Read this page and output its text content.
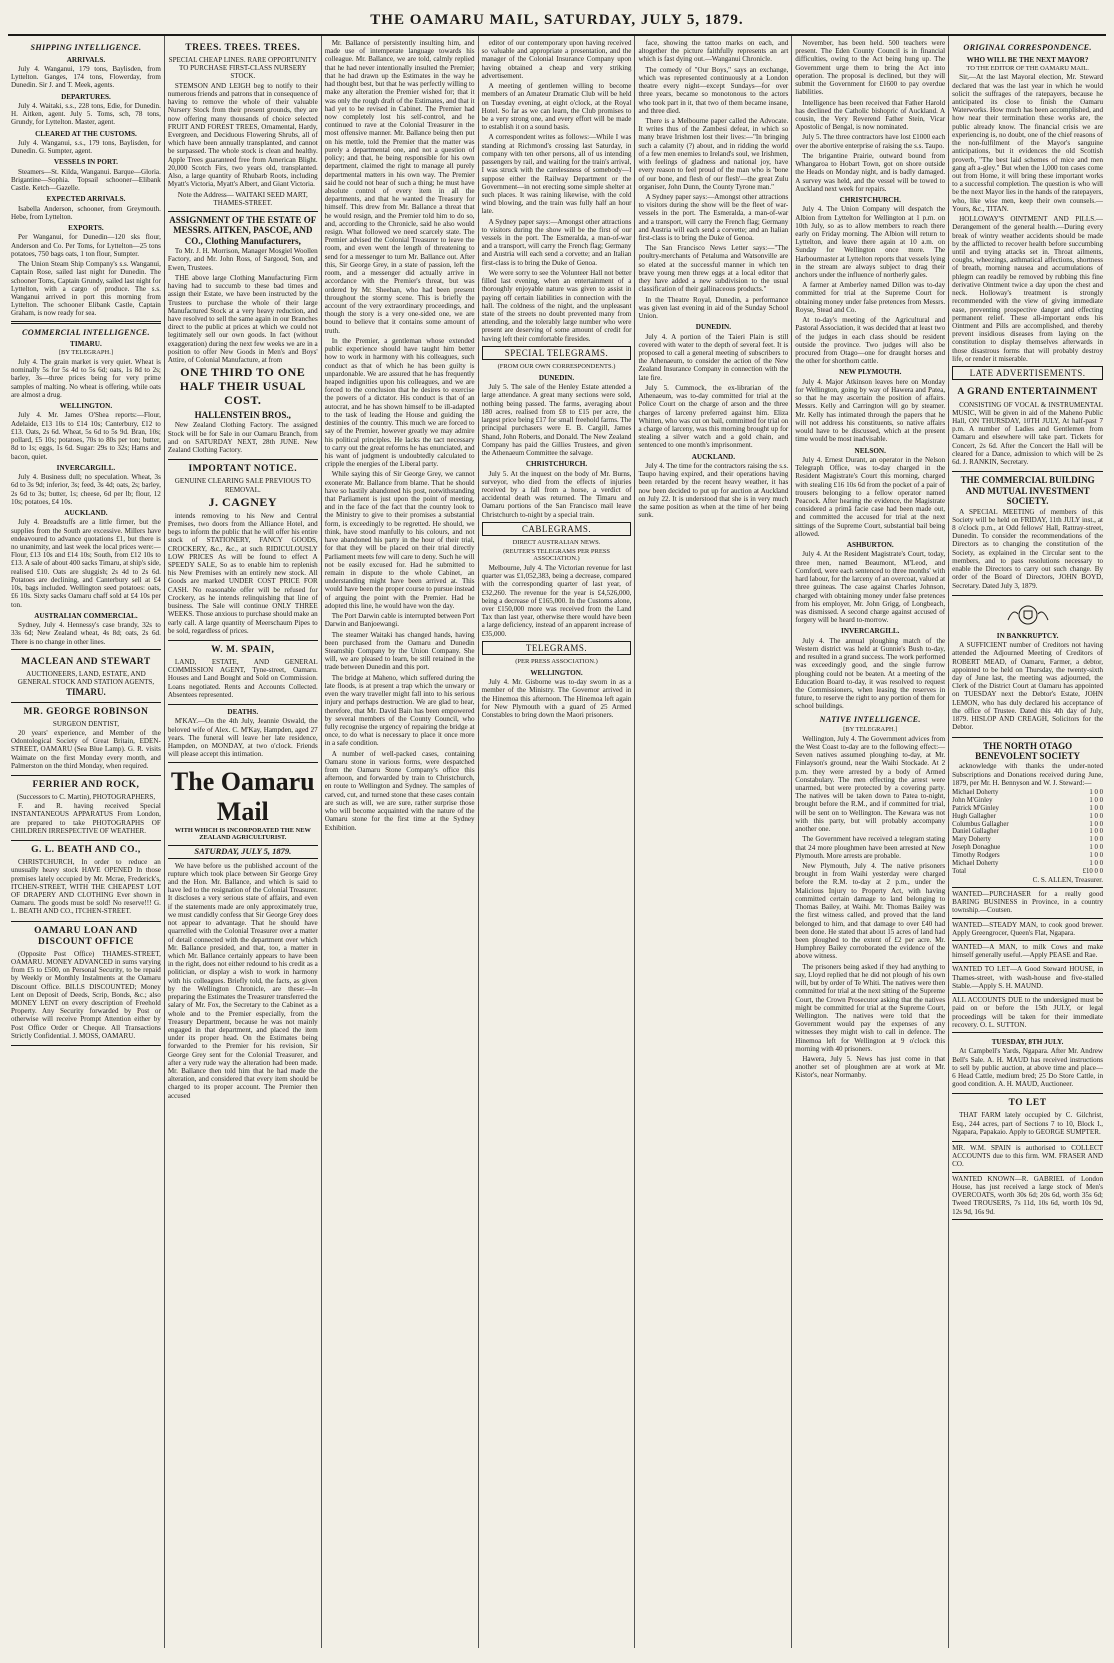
THE OAMARU MAIL, SATURDAY, JULY 5, 1879.
SHIPPING INTELLIGENCE.
ARRIVALS.

July 4. Wanganui, 179 tons, Baylisden, from Lyttelton. Ganges, 174 tons, Flowerday, from Dunedin. Sir J. and T. Meek, agents.

DEPARTURES.

July 4. Waitaki, s.s., 228 tons, Edie, for Dunedin. H. Aitken, agent. July 5. Toms, sch, 78 tons, Grundy, for Lyttelton. Master, agent.

CLEARED AT THE CUSTOMS.

July 4. Wanganui, s.s., 179 tons, Baylisden, for Dunedin. G. Sumpter, agent.

VESSELS IN PORT.

Steamers—St. Kilda, Wanganui. Barque—Gloria. Brigantine—Sophia. Topsail schooner—Elibank Castle. Ketch—Gazelle.

EXPECTED ARRIVALS.

Isabella Anderson, schooner, from Greymouth. Hebe, from Lyttelton.

EXPORTS.

Per Wanganui, for Dunedin—120 sks flour, Anderson and Co. Per Toms, for Lyttelton—25 tons potatoes, 750 bags oats, 1 ton flour, Sumpter.

The Union Steam Ship Company's s.s. Wanganui, Captain Rose, sailed last night for Dunedin. The schooner Toms, Captain Grundy, sailed last night for Lyttelton, with a cargo of produce. The s.s. Wanganui arrived in port this morning from Lyttelton. The schooner Elibank Castle, Captain Graham, is now ready for sea.

COMMERCIAL INTELLIGENCE.
TIMARU.
[BY TELEGRAPH.]

July 4. The grain market is very quiet. Wheat is nominally 5s for 5s 4d to 5s 6d; oats, 1s 8d to 2s; barley, 3s—three prices being for very prime samples of malting. No wheat is offering, while oats are almost a drug.

WELLINGTON.

July 4. Mr. James O'Shea reports:—Flour, Adelaide, £13 10s to £14 10s; Canterbury, £12 to £13. Oats, 2s 6d. Wheat, 5s 6d to 5s 9d. Bran, 10s; pollard, £5 10s; potatoes, 70s to 80s per ton; butter, 8d to 1s; eggs, 1s 6d. Sugar: 29s to 32s; Hams and bacon, quiet.

INVERCARGILL.

July 4. Business dull; no speculation. Wheat, 3s 6d to 3s 9d; inferior, 3s; feed, 3s 4d; oats, 2s; barley, 2s 6d to 3s; butter, 1s; cheese, 6d per lb; flour, 12 10s; potatoes, £4 10s.

AUCKLAND.

July 4. Breadstuffs are a little firmer, but the supplies from the South are excessive. Millers have endeavoured to advance quotations £1, but there is no unanimity, and last week the local prices were:—Flour, £13 10s and £14 10s; South, from £12 10s to £13. A sale of about 400 sacks Timaru, at ship's side, realised £10. Oats are sluggish; 2s 4d to 2s 6d. Potatoes are declining, and Canterbury sell at £4 10s, bags included. Wellington seed potatoes: oats, £6 10s. Sixty sacks Oamaru chaff sold at £4 10s per ton.

AUSTRALIAN COMMERCIAL.

Sydney, July 4. Hennessy's case brandy, 32s to 33s 6d; New Zealand wheat, 4s 8d; oats, 2s 6d. There is no change in other lines.

MACLEAN AND STEWART
AUCTIONEERS, LAND, ESTATE, AND GENERAL STOCK AND STATION AGENTS,
TIMARU.
MR. GEORGE ROBINSON
SURGEON DENTIST,

20 years' experience, and Member of the Odontological Society of Great Britain, EDEN-STREET, OAMARU (Sea Blue Lamp). G. R. visits Waimate on the first Monday every month, and Palmerston on the third Monday, when required.

FERRIER AND ROCK,
(Successors to C. Martin), PHOTOGRAPHERS,

F. and R. having received Special INSTANTANEOUS APPARATUS From London, are prepared to take PHOTOGRAPHS OF CHILDREN IRRESPECTIVE OF WEATHER.

G. L. BEATH AND CO.,

CHRISTCHURCH, In order to reduce an unusually heavy stock HAVE OPENED In those premises lately occupied by Mr. Mcrae, Frederick's, ITCHEN-STREET, WITH THE CHEAPEST LOT OF DRAPERY AND CLOTHING Ever shown in Oamaru. The goods must be sold! No reserve!!! G. L. BEATH AND CO., ITCHEN-STREET.

OAMARU LOAN AND DISCOUNT OFFICE

(Opposite Post Office) THAMES-STREET, OAMARU. MONEY ADVANCED in sums varying from £5 to £500, on Personal Security, to be repaid by Weekly or Monthly Instalments at the Oamaru Discount Office. BILLS DISCOUNTED; Money Lent on Deposit of Deeds, Scrip, Bonds, &c.; also MONEY LENT on every description of Freehold Property. Any Security forwarded by Post or otherwise will receive Prompt Attention either by Post Office Order or Cheque. All Transactions Strictly Confidential. J. MOSS, OAMARU.

TREES. TREES. TREES.
SPECIAL CHEAP LINES. RARE OPPORTUNITY TO PURCHASE FIRST-CLASS NURSERY STOCK.

STEMSON AND LEIGH beg to notify to their numerous friends and patrons that in consequence of having to remove the whole of their valuable Nursery Stock from their present grounds, they are now offering many thousands of choice selected FRUIT AND FOREST TREES, Ornamental, Hardy, Evergreen, and Deciduous Flowering Shrubs, all of which have been annually transplanted, and cannot be surpassed. The whole stock is clean and healthy. Apple Trees guaranteed free from American Blight. 20,000 Scotch Firs, two years old, transplanted. Also, a large quantity of Rhubarb Roots, including Myatt's Victoria, Myatt's Albert, and Giant Victoria.

Note the Address— WAITAKI SEED MART, THAMES-STREET.
ASSIGNMENT OF THE ESTATE OF MESSRS. AITKEN, PASCOE, AND CO., Clothing Manufacturers,

To Mr. J. H. Morrison, Manager Mosgiel Woollen Factory, and Mr. John Ross, of Sargood, Son, and Ewen, Trustees.

THE above large Clothing Manufacturing Firm having had to succumb to these bad times and assign their Estate, we have been instructed by the Trustees to purchase the whole of their large Manufactured Stock at a very heavy reduction, and have resolved to sell the same again in our Branches direct to the public at prices at which we could not legitimately sell our own goods. In fact (without exaggeration) during the next few weeks we are in a position to offer New Goods in Men's and Boys' Attire, of Colonial Manufacture, at from

ONE THIRD TO ONE HALF THEIR USUAL COST.
HALLENSTEIN BROS.,

New Zealand Clothing Factory. The assigned Stock will be for Sale in our Oamaru Branch, from and on SATURDAY NEXT, 28th JUNE. New Zealand Clothing Factory.

IMPORTANT NOTICE.
GENUINE CLEARING SALE PREVIOUS TO REMOVAL.
J. CAGNEY

intends removing to his New and Central Premises, two doors from the Alliance Hotel, and begs to inform the public that he will offer his entire stock of STATIONERY, FANCY GOODS, CROCKERY, &c., &c., at such RIDICULOUSLY LOW PRICES As will be found to effect A SPEEDY SALE, So as to enable him to replenish his New Premises with an entirely new stock. All Goods are marked UNDER COST PRICE FOR CASH. No reasonable offer will be refused for Crockery, as he intends relinquishing that line of business. The Sale will continue ONLY THREE WEEKS. Those anxious to purchase should make an early call. A large quantity of Meerschaum Pipes to be sold, regardless of prices.

W. M. SPAIN,

LAND, ESTATE, AND GENERAL COMMISSION AGENT, Tyne-street, Oamaru. Houses and Land Bought and Sold on Commission. Loans negotiated. Rents and Accounts Collected. Absentees represented.

DEATHS.

M'KAY.—On the 4th July, Jeannie Oswald, the beloved wife of Alex. C. M'Kay, Hampden, aged 27 years. The funeral will leave her late residence, Hampden, on MONDAY, at two o'clock. Friends will please accept this intimation.

The Oamaru Mail
WITH WHICH IS INCORPORATED THE NEW ZEALAND AGRICULTURIST.
SATURDAY, JULY 5, 1879.

We have before us the published account of the rupture which took place between Sir George Grey and the Hon. Mr. Ballance, and which is said to have led to the resignation of the Colonial Treasurer. It discloses a very serious state of affairs, and even if the statements made are only approximately true, we must candidly confess that Sir George Grey does not appear to advantage. That he should have quarrelled with the Colonial Treasurer over a matter of detail connected with the department over which Mr. Ballance presided, and that, too, a matter in which Mr. Ballance certainly appears to have been in the right, does not either redound to his credit as a politician, or display a wish to work in harmony with his colleagues. Briefly told, the facts, as given by the Wellington Chronicle, are these:—In preparing the Estimates the Treasurer transferred the salary of Mr. Fox, the Secretary to the Cabinet as a whole and to the Premier especially, from the Treasury Department, because he was not mainly engaged in that department, and placed the item under its proper head. On the Estimates being forwarded to the Premier for his revision, Sir George Grey sent for the Colonial Treasurer, and after a very rude way the alteration had been made. Mr. Ballance then told him that he had made the alteration, and considered that every item should be charged to its proper account. The Premier then accused

Mr. Ballance of persistently insulting him, and made use of intemperate language towards his colleague. Mr. Ballance, we are told, calmly replied that he had never intentionally insulted the Premier; that he had drawn up the Estimates in the way he had thought best, but that he was perfectly willing to make any alteration the Premier wished for; that it was only the rough draft of the Estimates, and that it had yet to be revised in Cabinet. The Premier had now completely lost his self-control, and he continued to rave at the Colonial Treasurer in the most offensive manner. Mr. Ballance being then put on his mettle, told the Premier that the matter was purely a departmental one, and not a question of policy; and that, he being responsible for his own department, claimed the right to manage all purely departmental matters in his own way. The Premier said he could not hear of such a thing; he must have absolute control of every item in all the departments, and that he wanted the Treasury for himself. This drew from Mr. Ballance a threat that he would resign, and the Premier told him to do so, and, according to the Chronicle, said he also would resign. What followed we need scarcely state. The Premier advised the Colonial Treasurer to leave the room, and even went the length of threatening to send for a messenger to turn Mr. Ballance out. After this, Sir George Grey, in a state of passion, left the room, and a messenger did actually arrive in accordance with the Premier's threat, but was ordered by Mr. Sheehan, who had been present throughout the stormy scene. This is briefly the account of the very extraordinary proceedings, and though the story is a very one-sided one, we are bound to believe that it contains some amount of truth.

In the Premier, a gentleman whose extended public experience should have taught him better how to work in harmony with his colleagues, such conduct as that of which he has been guilty is unpardonable. We are assured that he has frequently heaped indignities upon his colleagues, and we are forced to the conclusion that he desires to exercise the powers of a dictator. His conduct is that of an autocrat, and he has shown himself to be ill-adapted to the task of leading the House and guiding the destinies of the country. This much we are forced to say of the Premier, however greatly we may admire his political principles. He lacks the tact necessary to carry out the great reforms he has enunciated, and his want of judgment is undoubtedly calculated to cripple the energies of the Liberal party.

While saying this of Sir George Grey, we cannot exonerate Mr. Ballance from blame. That he should have so hastily abandoned his post, notwithstanding that Parliament is just upon the point of meeting, and in the face of the fact that the country look to the Ministry to give to their promises a substantial form, is exceedingly to be regretted. He should, we think, have stood manfully to his colours, and not have abandoned his party in the hour of their trial, for that they will be placed on their trial directly Parliament meets few will care to deny. Such he will not be easily excused for. Had he submitted to remain in dispute to the whole Cabinet, an understanding might have been arrived at. This would have been the proper course to pursue instead of arguing the point with the Premier. Had he adopted this line, he would have won the day.

The Port Darwin cable is interrupted between Port Darwin and Banjoewangi.

The steamer Waitaki has changed hands, having been purchased from the Oamaru and Dunedin Steamship Company by the Union Company. She will, we are pleased to learn, be still retained in the trade between Dunedin and this port.

The bridge at Maheno, which suffered during the late floods, is at present a trap which the unwary or even the wary traveller might fall into to his serious injury and perhaps destruction. We are glad to hear, therefore, that Mr. David Bain has been empowered by several members of the County Council, who fully recognise the urgency of repairing the bridge at once, to do what is necessary to place it once more in a safe condition.

A number of well-packed cases, containing Oamaru stone in various forms, were despatched from the Oamaru Stone Company's office this afternoon, and forwarded by train to Christchurch, en route to Wellington and Sydney. The samples of carved, cut, and turned stone that these cases contain are such as will, we are sure, rather surprise those who will become acquainted with the nature of the Oamaru stone for the first time at the Sydney Exhibition.

editor of our contemporary upon having received so valuable and appropriate a presentation, and the manager of the Colonial Insurance Company upon having obtained a cheap and very striking advertisement.

A meeting of gentlemen willing to become members of an Amateur Dramatic Club will be held on Tuesday evening, at eight o'clock, at the Royal Hotel. So far as we can learn, the Club promises to be a very strong one, and every effort will be made to establish it on a sound basis.

A correspondent writes as follows:—While I was standing at Richmond's crossing last Saturday, in company with ten other persons, all of us intending passengers by rail, and waiting for the train's arrival, I was struck with the carelessness of somebody—I suppose either the Railway Department or the Government—in not erecting some simple shelter at such places. It was raining likewise, with the cold wind blowing, and the train was fully half an hour late.

A Sydney paper says:—Amongst other attractions to visitors during the show will be the first of our vessels in the port. The Esmeralda, a man-of-war and a transport, will carry the French flag; Germany and Austria will each send a corvette; and an Italian first-class is to bring the Duke of Genoa.

We were sorry to see the Volunteer Hall not better filled last evening, when an entertainment of a thoroughly enjoyable nature was given to assist in paying off certain liabilities in connection with the hall. The coldness of the night, and the unpleasant state of the streets no doubt prevented many from attending, and the tolerably large number who were present are deserving of some amount of credit for having left their comfortable firesides.

SPECIAL TELEGRAMS.
(FROM OUR OWN CORRESPONDENTS.)
DUNEDIN.

July 5. The sale of the Henley Estate attended a large attendance. A great many sections were sold, nothing being passed. The farms, averaging about 180 acres, realised from £8 to £15 per acre, the largest price being £17 for small freehold farms. The principal purchasers were E. B. Cargill, James Shand, John Roberts, and Donald. The New Zealand Company has paid the Gillies Trustees, and given the Athenaeum Committee the salvage.

CHRISTCHURCH.

July 5. At the inquest on the body of Mr. Burns, surveyor, who died from the effects of injuries received by a fall from a horse, a verdict of accidental death was returned. The Timaru and Oamaru portions of the San Francisco mail leave Christchurch to-night by a special train.

CABLEGRAMS.
DIRECT AUSTRALIAN NEWS.
(REUTER'S TELEGRAMS PER PRESS ASSOCIATION.)

Melbourne, July 4. The Victorian revenue for last quarter was £1,052,383, being a decrease, compared with the corresponding quarter of last year, of £32,260. The revenue for the year is £4,526,000, being a decrease of £165,000. In the Customs alone, over £150,000 more was received from the Land Tax than last year, otherwise there would have been a large deficiency, instead of an apparent increase of £35,000.

TELEGRAMS.
(PER PRESS ASSOCIATION.)
WELLINGTON.

July 4. Mr. Gisborne was to-day sworn in as a member of the Ministry. The Governor arrived in the Hinemoa this afternoon. The Hinemoa left again for New Plymouth with a guard of 25 Armed Constables to bring down the Maori prisoners.

face, showing the tattoo marks on each, and altogether the picture faithfully represents an art which is fast dying out.—Wanganui Chronicle.

The comedy of "Our Boys," says an exchange, which was represented continuously at a London theatre every night—except Sundays—for over three years, became so monotonous to the actors who took part in it, that two of them became insane, and three died.

There is a Melbourne paper called the Advocate. It writes thus of the Zambesi defeat, in which so many brave Irishmen lost their lives:—"In bringing such a calamity (?) about, and in ridding the world of a few men enemies to Ireland's soul, we Irishmen, with feelings of gladness and national joy, have every reason to feel proud of the man who is 'bone of our bone, and flesh of our flesh'—the great Zulu organiser, John Dunn, the County Tyrone man."

A Sydney paper says:—Amongst other attractions to visitors during the show will be the fleet of war-vessels in the port. The Esmeralda, a man-of-war and a transport, will carry the French flag; Germany and Austria will each send a corvette; and an Italian first-class is to bring the Duke of Genoa.

The San Francisco News Letter says:—"The poultry-merchants of Petaluma and Watsonville are so elated at the successful manner in which ten brave young men threw eggs at a local editor that they have added a new subdivision to the usual classification of their gallinaceous products."

In the Theatre Royal, Dunedin, a performance was given last evening in aid of the Sunday School Union.

DUNEDIN.

July 4. A portion of the Taieri Plain is still covered with water to the depth of several feet. It is proposed to call a general meeting of subscribers to the Athenaeum, to consider the action of the New Zealand Insurance Company in connection with the late fire.

July 5. Cummock, the ex-librarian of the Athenaeum, was to-day committed for trial at the Police Court on the charge of arson and the three charges of larceny preferred against him. Eliza Whitten, who was cut on bail, committed for trial on a charge of larceny, was this morning brought up for stealing a silver watch and a gold chain, and sentenced to one month's imprisonment.

AUCKLAND.

July 4. The time for the contractors raising the s.s. Taupo having expired, and their operations having been retarded by the recent heavy weather, it has now been decided to put up for auction at Auckland on July 22. It is understood that she is in very much the same position as when at the time of her being sunk.

November, has been held. 500 teachers were present. The Eden County Council is in financial difficulties, owing to the Act being hung up. The Government urge them to bring the Act into operation. The proposal is declined, but they will submit the Government for £1600 to pay overdue liabilities.

Intelligence has been received that Father Harold has declined the Catholic bishopric of Auckland. A cousin, the Very Reverend Father Stein, Vicar Apostolic of Bengal, is now nominated.

July 5. The three contractors have lost £1000 each over the abortive enterprise of raising the s.s. Taupo.

The brigantine Prairie, outward bound from Whangaroa to Hobart Town, got on shore outside the Heads on Monday night, and is badly damaged. A survey was held, and the vessel will be towed to Auckland next week for repairs.

CHRISTCHURCH.

July 4. The Union Company will despatch the Albion from Lyttelton for Wellington at 1 p.m. on 10th July, so as to allow members to reach there early on Friday morning. The Albion will return to Lyttelton, and leave there again at 10 a.m. on Sunday for Wellington once more. The Harbourmaster at Lyttelton reports that vessels lying in the stream are always subject to drag their anchors under the influence of northerly gales.

A farmer at Amberley named Dillon was to-day committed for trial at the Supreme Court for obtaining money under false pretences from Messrs. Royse, Stead and Co.

At to-day's meeting of the Agricultural and Pastoral Association, it was decided that at least two of the judges in each class should be resident outside the province. Two judges will also be procured from Otago—one for draught horses and the other for shorthorn cattle.

NEW PLYMOUTH.

July 4. Major Atkinson leaves here on Monday for Wellington, going by way of Hawera and Patea, so that he may ascertain the position of affairs. Messrs. Kelly and Carrington will go by steamer. Mr. Kelly has intimated through the papers that he will not address his constituents, so native affairs would have to be discussed, which at the present time would be most inadvisable.

NELSON.

July 4. Ernest Durant, an operator in the Nelson Telegraph Office, was to-day charged in the Resident Magistrate's Court this morning, charged with stealing £16 10s 6d from the pocket of a pair of trousers belonging to a fellow operator named Peacock. After hearing the evidence, the Magistrate considered a primâ facie case had been made out, and committed the accused for trial at the next sittings of the Supreme Court, substantial bail being allowed.

ASHBURTON.

July 4. At the Resident Magistrate's Court, today, three men, named Beaumont, M'Leod, and Comford, were each sentenced to three months' with hard labour, for the larceny of an overcoat, valued at three guineas. The case against Charles Johnson, charged with obtaining money under false pretences from his employer, Mr. John Grigg, of Longbeach, was dismissed. A second charge against accused of forgery will be heard to-morrow.

INVERCARGILL.

July 4. The annual ploughing match of the Western district was held at Gunnie's Bush to-day, and resulted in a grand success. The work performed was exceedingly good, and the single furrow ploughing could not be beaten. At a meeting of the Education Board to-day, it was resolved to request the Commissioners, when leasing the reserves in future, to reserve the right to any portion of them for school buildings.

NATIVE INTELLIGENCE.
[BY TELEGRAPH.]

Wellington, July 4. The Government advices from the West Coast to-day are to the following effect:— Seven natives assumed ploughing to-day, at Mr. Finlayson's ground, near the Waihi Stockade. At 2 p.m. they were arrested by a body of Armed Constabulary. The men effecting the arrest were unarmed, but were protected by a covering party. The natives will be taken down to Patea to-night, brought before the R.M., and if committed for trial, will be sent on to Wellington. The Kewara was not with this party, but will probably accompany another one.

The Government have received a telegram stating that 24 more ploughmen have been arrested at New Plymouth. More arrests are probable.

New Plymouth, July 4. The native prisoners brought in from Waihi yesterday were charged before the R.M. to-day at 2 p.m., under the Malicious Injury to Property Act, with having committed certain damage to land belonging to Thomas Bailey, at Waihi. Mr. Thomas Bailey was the first witness called, and proved that the land belonged to him, and that damage to over £40 had been done. He stated that about 15 acres of land had been ploughed to the extent of £2 per acre. Mr. Humphrey Bailey corroborated the evidence of the above witness.

The prisoners being asked if they had anything to say, Lloyd replied that he did not plough of his own will, but by order of Te Whiti. The natives were then committed for trial at the next sitting of the Supreme Court, the Crown Prosecutor asking that the natives might be committed for trial at the Supreme Court, Wellington. The natives were told that the Government would pay the expenses of any witnesses they might wish to call in defence. The Hinemoa left for Wellington at 9 o'clock this morning with 40 prisoners.

Hawera, July 5. News has just come in that another set of ploughmen are at work at Mr. Kistor's, near Normanby.

ORIGINAL CORRESPONDENCE.
WHO WILL BE THE NEXT MAYOR?
TO THE EDITOR OF THE OAMARU MAIL.

Sir,—At the last Mayoral election, Mr. Steward declared that was the last year in which he would solicit the suffrages of the ratepayers, because he anticipated its close to finish the Oamaru Waterworks. How much has been accomplished, and how near their termination these works are, the public already know. The financial crisis we are experiencing is, no doubt, one of the chief reasons of the non-fulfilment of the Mayor's sanguine anticipations, but it evidences the old Scottish proverb, "The best laid schemes of mice and men gang aft a-gley." But when the 1,000 ton cases come out from Home, it will bring these important works to a successful completion. The question is who will be the next Mayor lies in the hands of the ratepayers, who, like wise men, keep their own counsels.—Yours, &c., TITAN.

HOLLOWAY'S OINTMENT AND PILLS.—Derangement of the general health.—During every break of wintry weather accidents should be made by the afflicted to recover health before succumbing until and trying attacks set in. Throat ailments, coughs, wheezings, asthmatical affections, shortness of breath, morning nausea and accumulations of phlegm can readily be removed by rubbing this fine derivative Ointment twice a day upon the chest and neck. Holloway's treatment is strongly recommended with the view of giving immediate ease, preventing prospective danger and effecting permanent relief. These all-important ends his Ointment and Pills are accomplished, and thereby prevent insidious diseases from laying on the constitution to display themselves afterwards in those disastrous forms that will probably destroy life, or render it miserable.

LATE ADVERTISEMENTS.
A GRAND ENTERTAINMENT

CONSISTING OF VOCAL & INSTRUMENTAL MUSIC, Will be given in aid of the Maheno Public Hall, ON THURSDAY, 10TH JULY, At half-past 7 p.m. A number of Ladies and Gentlemen from Oamaru and elsewhere will take part. Tickets for Concert, 2s 6d. After the Concert the Hall will be cleared for a Dance, admission to which will be 2s 6d. J. RANKIN, Secretary.

THE COMMERCIAL BUILDING AND MUTUAL INVESTMENT SOCIETY.

A SPECIAL MEETING of members of this Society will be held on FRIDAY, 11th JULY inst., at 8 o'clock p.m., at Odd fellows' Hall, Rattray-street, Dunedin. To consider the recommendations of the Directors as to changing the constitution of the Society, as explained in the Circular sent to the members, and to pass resolutions necessary to enable the Directors to carry out such change. By order of the Board of Directors, JOHN BOYD, Secretary. Dated July 3, 1879.

IN BANKRUPTCY.

A SUFFICIENT number of Creditors not having attended the Adjourned Meeting of Creditors of ROBERT MEAD, of Oamaru, Farmer, a debtor, appointed to be held on Thursday, the twenty-sixth day of June last, the meeting was adjourned, the Clerk of the District Court at Oamaru has appointed on TUESDAY next the Debtor's Estate, JOHN LEMON, who has duly declared his acceptance of the office of Trustee. Dated this 4th day of July, 1879. HISLOP AND CREAGH, Solicitors for the Debtor.

THE NORTH OTAGO BENEVOLENT SOCIETY

acknowledge with thanks the under-noted Subscriptions and Donations received during June, 1879, per Mr. H. Bennyson and W. J. Steward:—

Michael Doherty	1 0 0
John M'Ginley	1 0 0
Patrick M'Ginley	1 0 0
Hugh Gallagher	1 0 0
Columbus Gallagher	1 0 0
Daniel Gallagher	1 0 0
Mary Doherty	1 0 0
Joseph Donaghue	1 0 0
Timothy Rodgers	1 0 0
Michael Doherty	1 0 0
Total	£10 0 0
C. S. ALLEN, Treasurer.
WANTED—PURCHASER for a really good BARING BUSINESS in Province, in a country township.—Coutsen.
WANTED—STEADY MAN, to cook good brewer. Apply Greengrocer, Queen's Flat, Ngapara.
WANTED—A MAN, to milk Cows and make himself generally useful.—Apply PEASE and Rae.
WANTED TO LET—A Good Steward HOUSE, in Thames-street, with wash-house and five-stalled Stable.—Apply S. H. MAUND.
ALL ACCOUNTS DUE to the undersigned must be paid on or before the 15th JULY, or legal proceedings will be taken for their immediate recovery. O. L. SUTTON.
TUESDAY, 8TH JULY.

At Campbell's Yards, Ngapara. After Mr. Andrew Bell's Sale. A. H. MAUD has received instructions to sell by public auction, at above time and place— 6 Head Cattle, medium bred; 25 Do Store Cattle, in good condition. A. H. MAUD, Auctioneer.

TO LET

THAT FARM lately occupied by C. Gilchrist, Esq., 244 acres, part of Sections 7 to 10, Block I., Ngapara, Papakaio. Apply to GEORGE SUMPTER.

MR. W.M. SPAIN is authorised to COLLECT ACCOUNTS due to this firm. WM. FRASER AND CO.
WANTED KNOWN—R. GABRIEL of London House, has just received a large stock of Men's OVERCOATS, worth 30s 6d; 20s 6d, worth 35s 6d; Tweed TROUSERS, 7s 11d, 10s 6d, worth 10s 9d, 12s 9d, 16s 9d.
